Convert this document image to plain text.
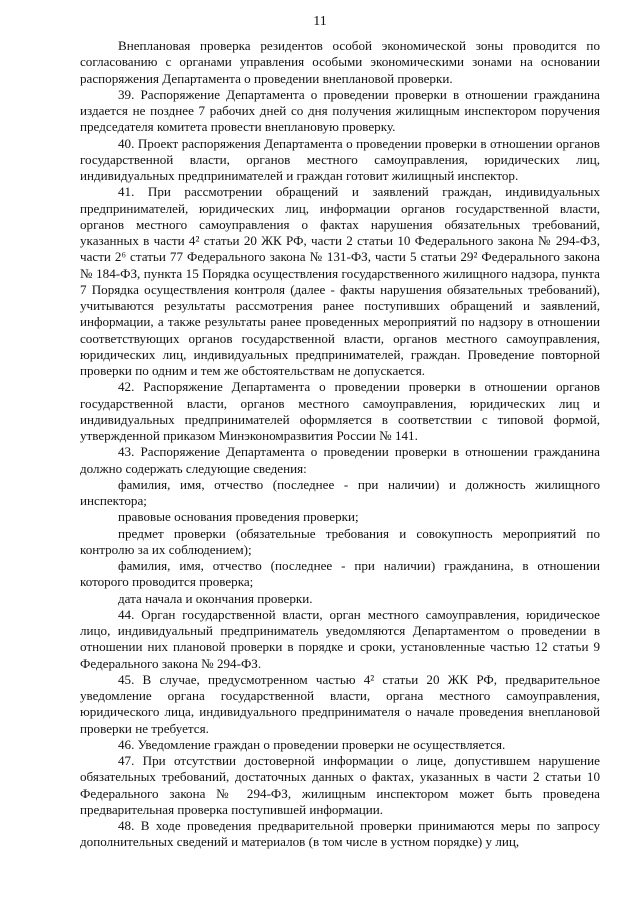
11

Внеплановая проверка резидентов особой экономической зоны проводится по согласованию с органами управления особыми экономическими зонами на основании распоряжения Департамента о проведении внеплановой проверки.

39. Распоряжение Департамента о проведении проверки в отношении гражданина издается не позднее 7 рабочих дней со дня получения жилищным инспектором поручения председателя комитета провести внеплановую проверку.

40. Проект распоряжения Департамента о проведении проверки в отношении органов государственной власти, органов местного самоуправления, юридических лиц, индивидуальных предпринимателей и граждан готовит жилищный инспектор.

41. При рассмотрении обращений и заявлений граждан, индивидуальных предпринимателей, юридических лиц, информации органов государственной власти, органов местного самоуправления о фактах нарушения обязательных требований, указанных в части 4² статьи 20 ЖК РФ, части 2 статьи 10 Федерального закона № 294-ФЗ, части 2⁶ статьи 77 Федерального закона № 131-ФЗ, части 5 статьи 29² Федерального закона № 184-ФЗ, пункта 15 Порядка осуществления государственного жилищного надзора, пункта 7 Порядка осуществления контроля (далее - факты нарушения обязательных требований), учитываются результаты рассмотрения ранее поступивших обращений и заявлений, информации, а также результаты ранее проведенных мероприятий по надзору в отношении соответствующих органов государственной власти, органов местного самоуправления, юридических лиц, индивидуальных предпринимателей, граждан. Проведение повторной проверки по одним и тем же обстоятельствам не допускается.

42. Распоряжение Департамента о проведении проверки в отношении органов государственной власти, органов местного самоуправления, юридических лиц и индивидуальных предпринимателей оформляется в соответствии с типовой формой, утвержденной приказом Минэкономразвития России № 141.

43. Распоряжение Департамента о проведении проверки в отношении гражданина должно содержать следующие сведения:

фамилия, имя, отчество (последнее - при наличии) и должность жилищного инспектора;

правовые основания проведения проверки;

предмет проверки (обязательные требования и совокупность мероприятий по контролю за их соблюдением);

фамилия, имя, отчество (последнее - при наличии) гражданина, в отношении которого проводится проверка;

дата начала и окончания проверки.

44. Орган государственной власти, орган местного самоуправления, юридическое лицо, индивидуальный предприниматель уведомляются Департаментом о проведении в отношении них плановой проверки в порядке и сроки, установленные частью 12 статьи 9 Федерального закона № 294-ФЗ.

45. В случае, предусмотренном частью 4² статьи 20 ЖК РФ, предварительное уведомление органа государственной власти, органа местного самоуправления, юридического лица, индивидуального предпринимателя о начале проведения внеплановой проверки не требуется.

46. Уведомление граждан о проведении проверки не осуществляется.

47. При отсутствии достоверной информации о лице, допустившем нарушение обязательных требований, достаточных данных о фактах, указанных в части 2 статьи 10 Федерального закона № 294-ФЗ, жилищным инспектором может быть проведена предварительная проверка поступившей информации.

48. В ходе проведения предварительной проверки принимаются меры по запросу дополнительных сведений и материалов (в том числе в устном порядке) у лиц,
